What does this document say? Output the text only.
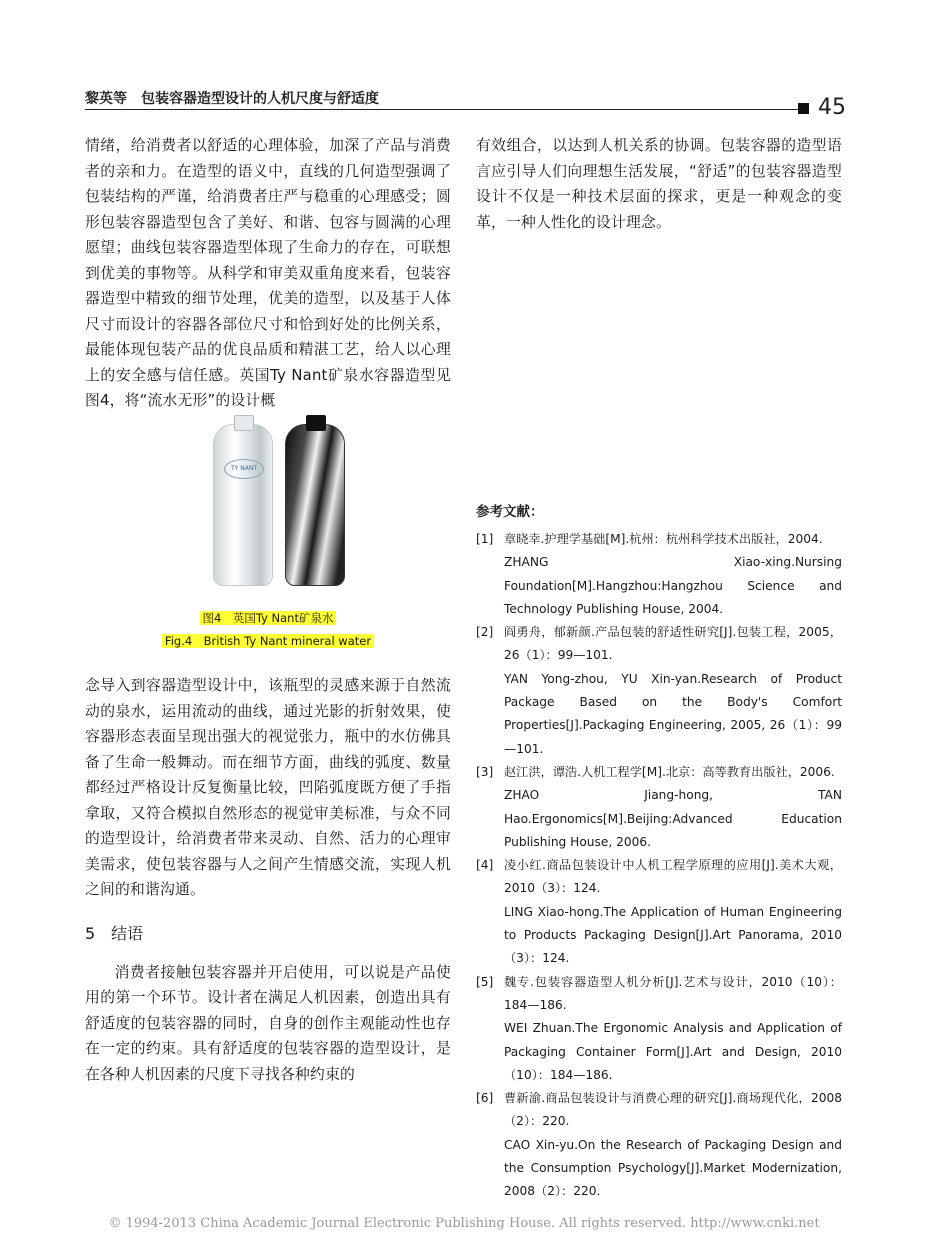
黎英等　包装容器造型设计的人机尺度与舒适度	45

情绪，给消费者以舒适的心理体验，加深了产品与消费者的亲和力。在造型的语义中，直线的几何造型强调了包装结构的严谨，给消费者庄严与稳重的心理感受；圆形包装容器造型包含了美好、和谐、包容与圆满的心理愿望；曲线包装容器造型体现了生命力的存在，可联想到优美的事物等。从科学和审美双重角度来看，包装容器造型中精致的细节处理，优美的造型，以及基于人体尺寸而设计的容器各部位尺寸和恰到好处的比例关系，最能体现包装产品的优良品质和精湛工艺，给人以心理上的安全感与信任感。英国Ty Nant矿泉水容器造型见图4，将“流水无形”的设计概

TY NANT
图4　英国Ty Nant矿泉水
Fig.4　British Ty Nant mineral water

念导入到容器造型设计中，该瓶型的灵感来源于自然流动的泉水，运用流动的曲线，通过光影的折射效果，使容器形态表面呈现出强大的视觉张力，瓶中的水仿佛具备了生命一般舞动。而在细节方面，曲线的弧度、数量都经过严格设计反复衡量比较，凹陷弧度既方便了手指拿取，又符合模拟自然形态的视觉审美标准，与众不同的造型设计，给消费者带来灵动、自然、活力的心理审美需求，使包装容器与人之间产生情感交流，实现人机之间的和谐沟通。

5　结语

消费者接触包装容器并开启使用，可以说是产品使用的第一个环节。设计者在满足人机因素，创造出具有舒适度的包装容器的同时，自身的创作主观能动性也存在一定的约束。具有舒适度的包装容器的造型设计，是在各种人机因素的尺度下寻找各种约束的

有效组合，以达到人机关系的协调。包装容器的造型语言应引导人们向理想生活发展，“舒适”的包装容器造型设计不仅是一种技术层面的探求，更是一种观念的变革，一种人性化的设计理念。

参考文献：
[1] 章晓幸.护理学基础[M].杭州：杭州科学技术出版社，2004.

ZHANG Xiao-xing.Nursing Foundation[M].Hangzhou:Hangzhou Science and Technology Publishing House, 2004.

[2] 阎勇舟，郁新颜.产品包装的舒适性研究[J].包装工程，2005，26（1）：99—101.

YAN Yong-zhou, YU Xin-yan.Research of Product Package Based on the Body's Comfort Properties[J].Packaging Engineering, 2005, 26（1）：99—101.

[3] 赵江洪，谭浩.人机工程学[M].北京：高等教育出版社，2006.

ZHAO Jiang-hong, TAN Hao.Ergonomics[M].Beijing:Advanced Education Publishing House, 2006.

[4] 凌小红.商品包装设计中人机工程学原理的应用[J].美术大观，2010（3）：124.

LING Xiao-hong.The Application of Human Engineering to Products Packaging Design[J].Art Panorama, 2010（3）：124.

[5] 魏专.包装容器造型人机分析[J].艺术与设计，2010（10）：184—186.

WEI Zhuan.The Ergonomic Analysis and Application of Packaging Container Form[J].Art and Design, 2010（10）：184—186.

[6] 曹新渝.商品包装设计与消费心理的研究[J].商场现代化，2008（2）：220.

CAO Xin-yu.On the Research of Packaging Design and the Consumption Psychology[J].Market Modernization, 2008（2）：220.

© 1994-2013 China Academic Journal Electronic Publishing House. All rights reserved. http://www.cnki.net
